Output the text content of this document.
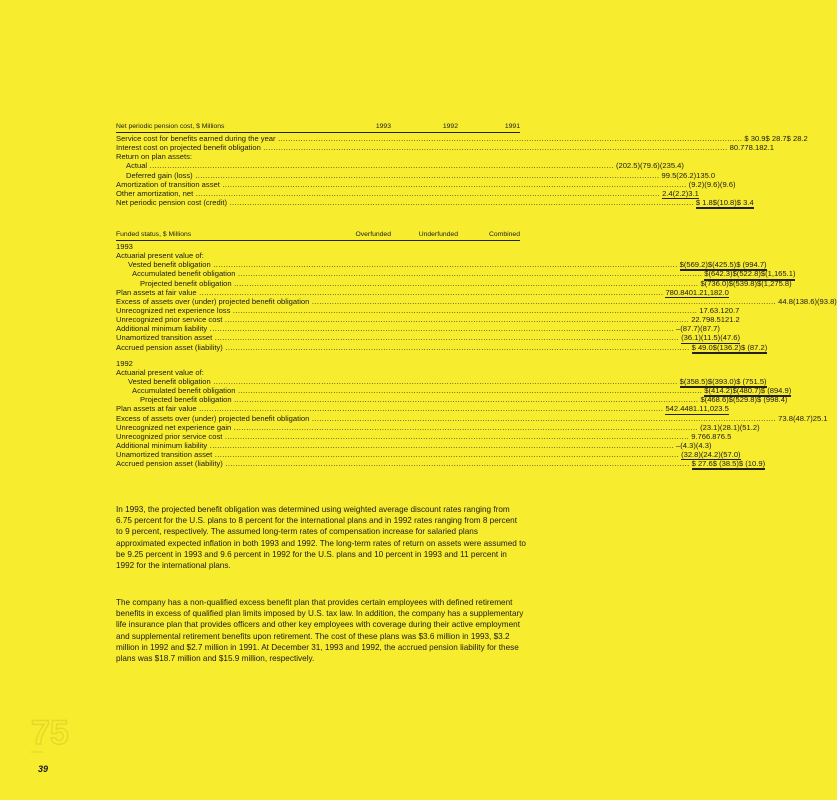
Net periodic pension cost, $ Millions	1993	1992	1991
Service cost for benefits earned during the year .....	$ 30.9 $ 28.7 $ 28.2
Interest cost on projected benefit obligation .....	80.7 78.1 82.1
Return on plan assets:
Actual .....	(202.5) (79.6) (235.4)
Deferred gain (loss) .....	99.5 (26.2) 135.0
Amortization of transition asset .....	(9.2) (9.6) (9.6)
Other amortization, net .....	2.4 (2.2) 3.1
Net periodic pension cost (credit) .....	$ 1.8 $(10.8) $ 3.4
Funded status, $ Millions	Overfunded	Underfunded	Combined
1993
Actuarial present value of:
Vested benefit obligation .....	$(569.2) $(425.5) $ (994.7)
Accumulated benefit obligation .....	$(642.3) $(522.8) $(1,165.1)
Projected benefit obligation .....	$(736.0) $(539.8) $(1,275.8)
Plan assets at fair value .....	780.8 401.2 1,182.0
Excess of assets over (under) projected benefit obligation .....	44.8 (138.6) (93.8)
Unrecognized net experience loss .....	17.6 3.1 20.7
Unrecognized prior service cost .....	22.7 98.5 121.2
Additional minimum liability .....	– (87.7) (87.7)
Unamortized transition asset .....	(36.1) (11.5) (47.6)
Accrued pension asset (liability) .....	$ 49.0 $(136.2) $ (87.2)
1992
Actuarial present value of:
Vested benefit obligation .....	$(358.5) $(393.0) $ (751.5)
Accumulated benefit obligation .....	$(414.2) $(480.7) $ (894.9)
Projected benefit obligation .....	$(468.6) $(529.8) $ (998.4)
Plan assets at fair value .....	542.4 481.1 1,023.5
Excess of assets over (under) projected benefit obligation .....	73.8 (48.7) 25.1
Unrecognized net experience gain .....	(23.1) (28.1) (51.2)
Unrecognized prior service cost .....	9.7 66.8 76.5
Additional minimum liability .....	– (4.3) (4.3)
Unamortized transition asset .....	(32.8) (24.2) (57.0)
Accrued pension asset (liability) .....	$ 27.6 $ (38.5) $ (10.9)

In 1993, the projected benefit obligation was determined using weighted average discount rates ranging from 6.75 percent for the U.S. plans to 8 percent for the international plans and in 1992 rates ranging from 8 percent to 9 percent, respectively. The assumed long-term rates of compensation increase for salaried plans approximated expected inflation in both 1993 and 1992. The long-term rates of return on assets were assumed to be 9.25 percent in 1993 and 9.6 percent in 1992 for the U.S. plans and 10 percent in 1993 and 11 percent in 1992 for the international plans.

The company has a non-qualified excess benefit plan that provides certain employees with defined retirement benefits in excess of qualified plan limits imposed by U.S. tax law. In addition, the company has a supplementary life insurance plan that provides officers and other key employees with coverage during their active employment and supplemental retirement benefits upon retirement. The cost of these plans was $3.6 million in 1993, $3.2 million in 1992 and $2.7 million in 1991. At December 31, 1993 and 1992, the accrued pension liability for these plans was $18.7 million and $15.9 million, respectively.

75
39
